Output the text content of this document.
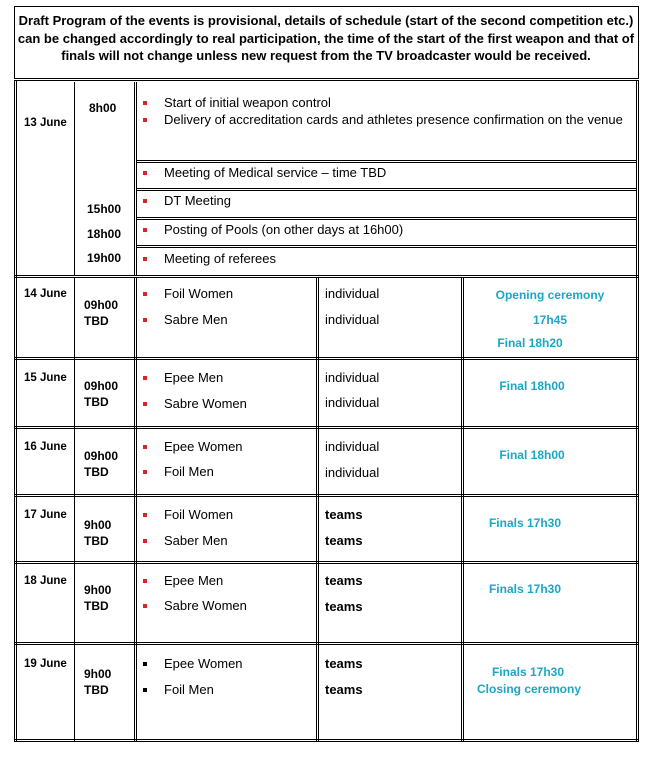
Draft Program of the events is provisional, details of schedule (start of the second competition etc.) can be changed accordingly to real participation, the time of the start of the first weapon and that of finals will not change unless new request from the TV broadcaster would be received.
13 June
8h00
15h00
18h00
19h00
Start of initial weapon control
Delivery of accreditation cards and athletes presence confirmation on the venue
Meeting of Medical service – time TBD
DT Meeting
Posting of Pools (on other days at 16h00)
Meeting of referees
14 June
09h00
TBD
Foil Women
Sabre Men
individual
individual
Opening ceremony
17h45
Final 18h20
15 June
09h00
TBD
Epee Men
Sabre Women
individual
individual
Final 18h00
16 June
09h00
TBD
Epee Women
Foil Men
individual
individual
Final 18h00
17 June
9h00
TBD
Foil Women
Saber Men
teams
teams
Finals 17h30
18 June
9h00
TBD
Epee Men
Sabre Women
teams
teams
Finals 17h30
19 June
9h00
TBD
Epee Women
Foil Men
teams
teams
Finals 17h30
Closing ceremony
